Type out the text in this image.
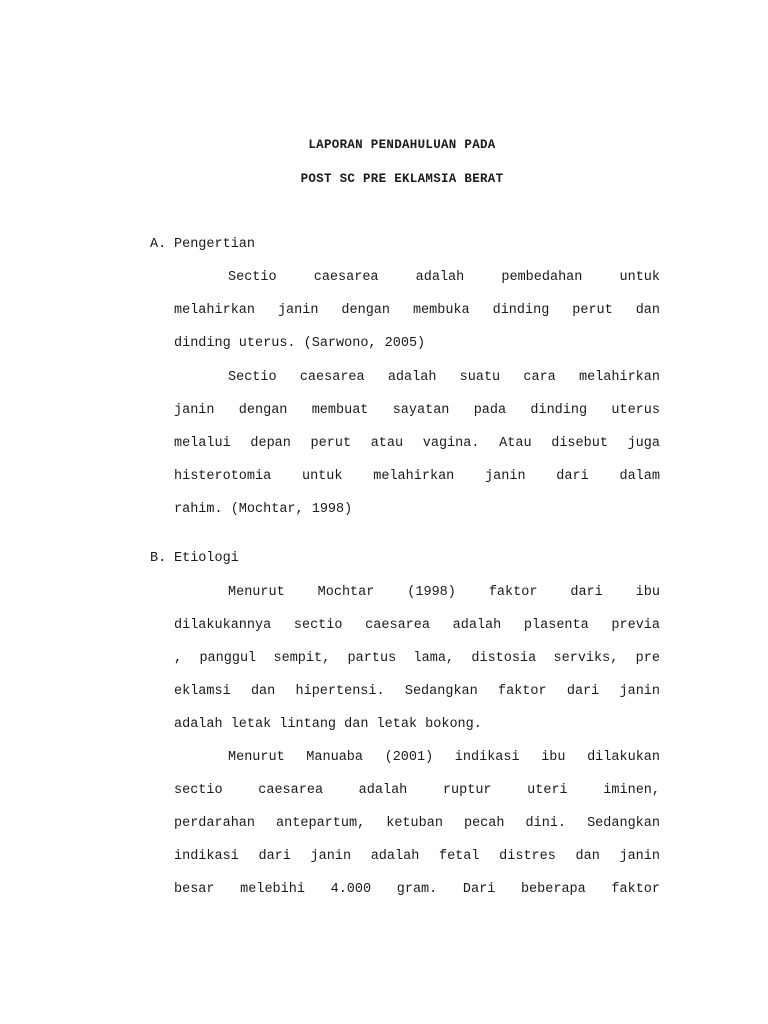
LAPORAN PENDAHULUAN PADA
POST SC PRE EKLAMSIA BERAT
A. Pengertian
Sectio caesarea adalah pembedahan untuk
melahirkan janin dengan membuka dinding perut dan
dinding uterus. (Sarwono, 2005)
Sectio caesarea adalah suatu cara melahirkan
janin dengan membuat sayatan pada dinding uterus
melalui depan perut atau vagina. Atau disebut juga
histerotomia untuk melahirkan janin dari dalam
rahim. (Mochtar, 1998)
B. Etiologi
Menurut Mochtar (1998) faktor dari ibu
dilakukannya sectio caesarea adalah plasenta previa
, panggul sempit, partus lama, distosia serviks, pre
eklamsi dan hipertensi. Sedangkan faktor dari janin
adalah letak lintang dan letak bokong.
Menurut Manuaba (2001) indikasi ibu dilakukan
sectio caesarea adalah ruptur uteri iminen,
perdarahan antepartum, ketuban pecah dini. Sedangkan
indikasi dari janin adalah fetal distres dan janin
besar melebihi 4.000 gram. Dari beberapa faktor
